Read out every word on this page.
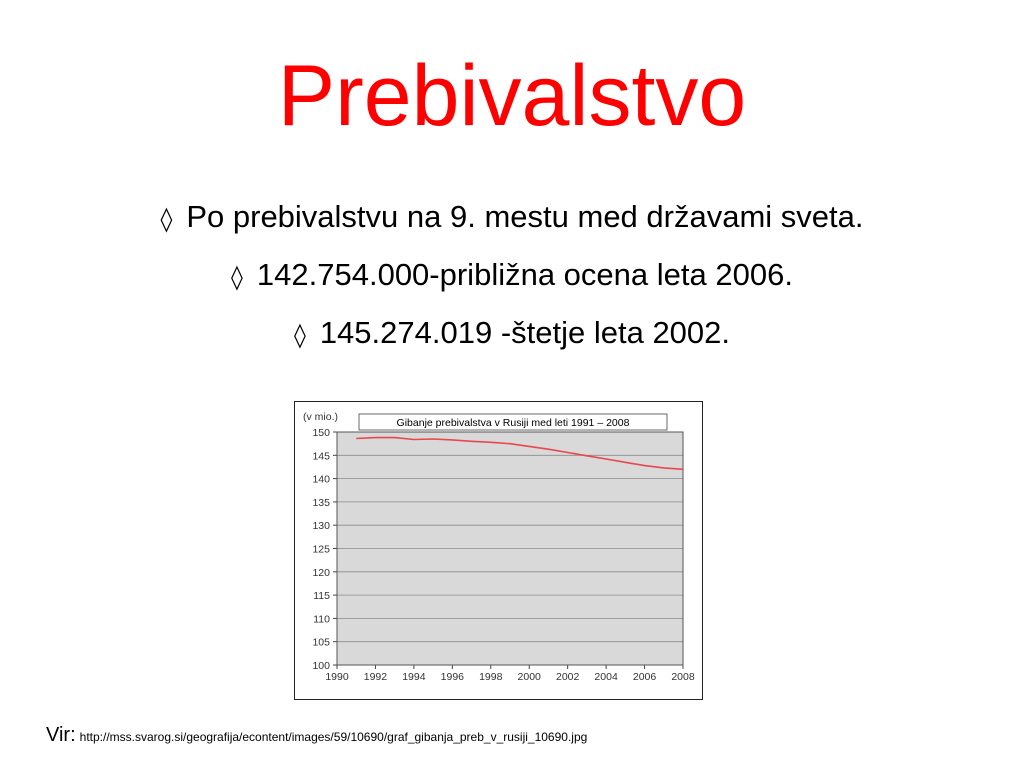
Prebivalstvo
◊ Po prebivalstvu na 9. mestu med državami sveta.
◊ 142.754.000-približna ocena leta 2006.
◊ 145.274.019 -štetje leta 2002.
100
105
110
115
120
125
130
135
140
145
150
1990 1992 1994 1996 1998 2000 2002 2004 2006 2008
Gibanje prebivalstva v Rusiji med leti 1991 – 2008
(v mio.)
Vir: http://mss.svarog.si/geografija/econtent/images/59/10690/graf_gibanja_preb_v_rusiji_10690.jpg
